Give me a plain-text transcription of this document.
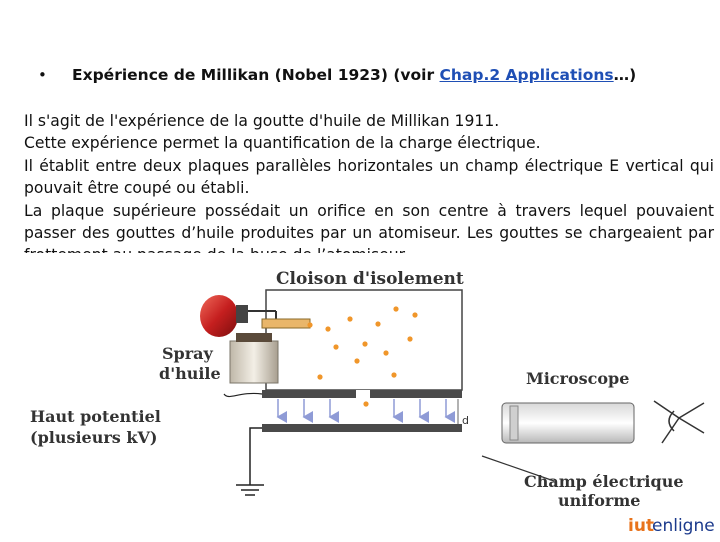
• Expérience de Millikan (Nobel 1923) (voir Chap.2 Applications…)
Il s'agit de l'expérience de la goutte d'huile de Millikan 1911.
Cette expérience permet la quantification de la charge électrique.
Il établit entre deux plaques parallèles horizontales un champ électrique E vertical qui
pouvait être coupé ou établi.
La plaque supérieure possédait un orifice en son centre à travers lequel pouvaient
passer des gouttes d’huile produites par un atomiseur. Les gouttes se chargeaient par
Cloison d'isolement
d
Spray
d'huile
Haut potentiel
(plusieurs kV)
Microscope
Champ électrique
uniforme
iut
enligne
